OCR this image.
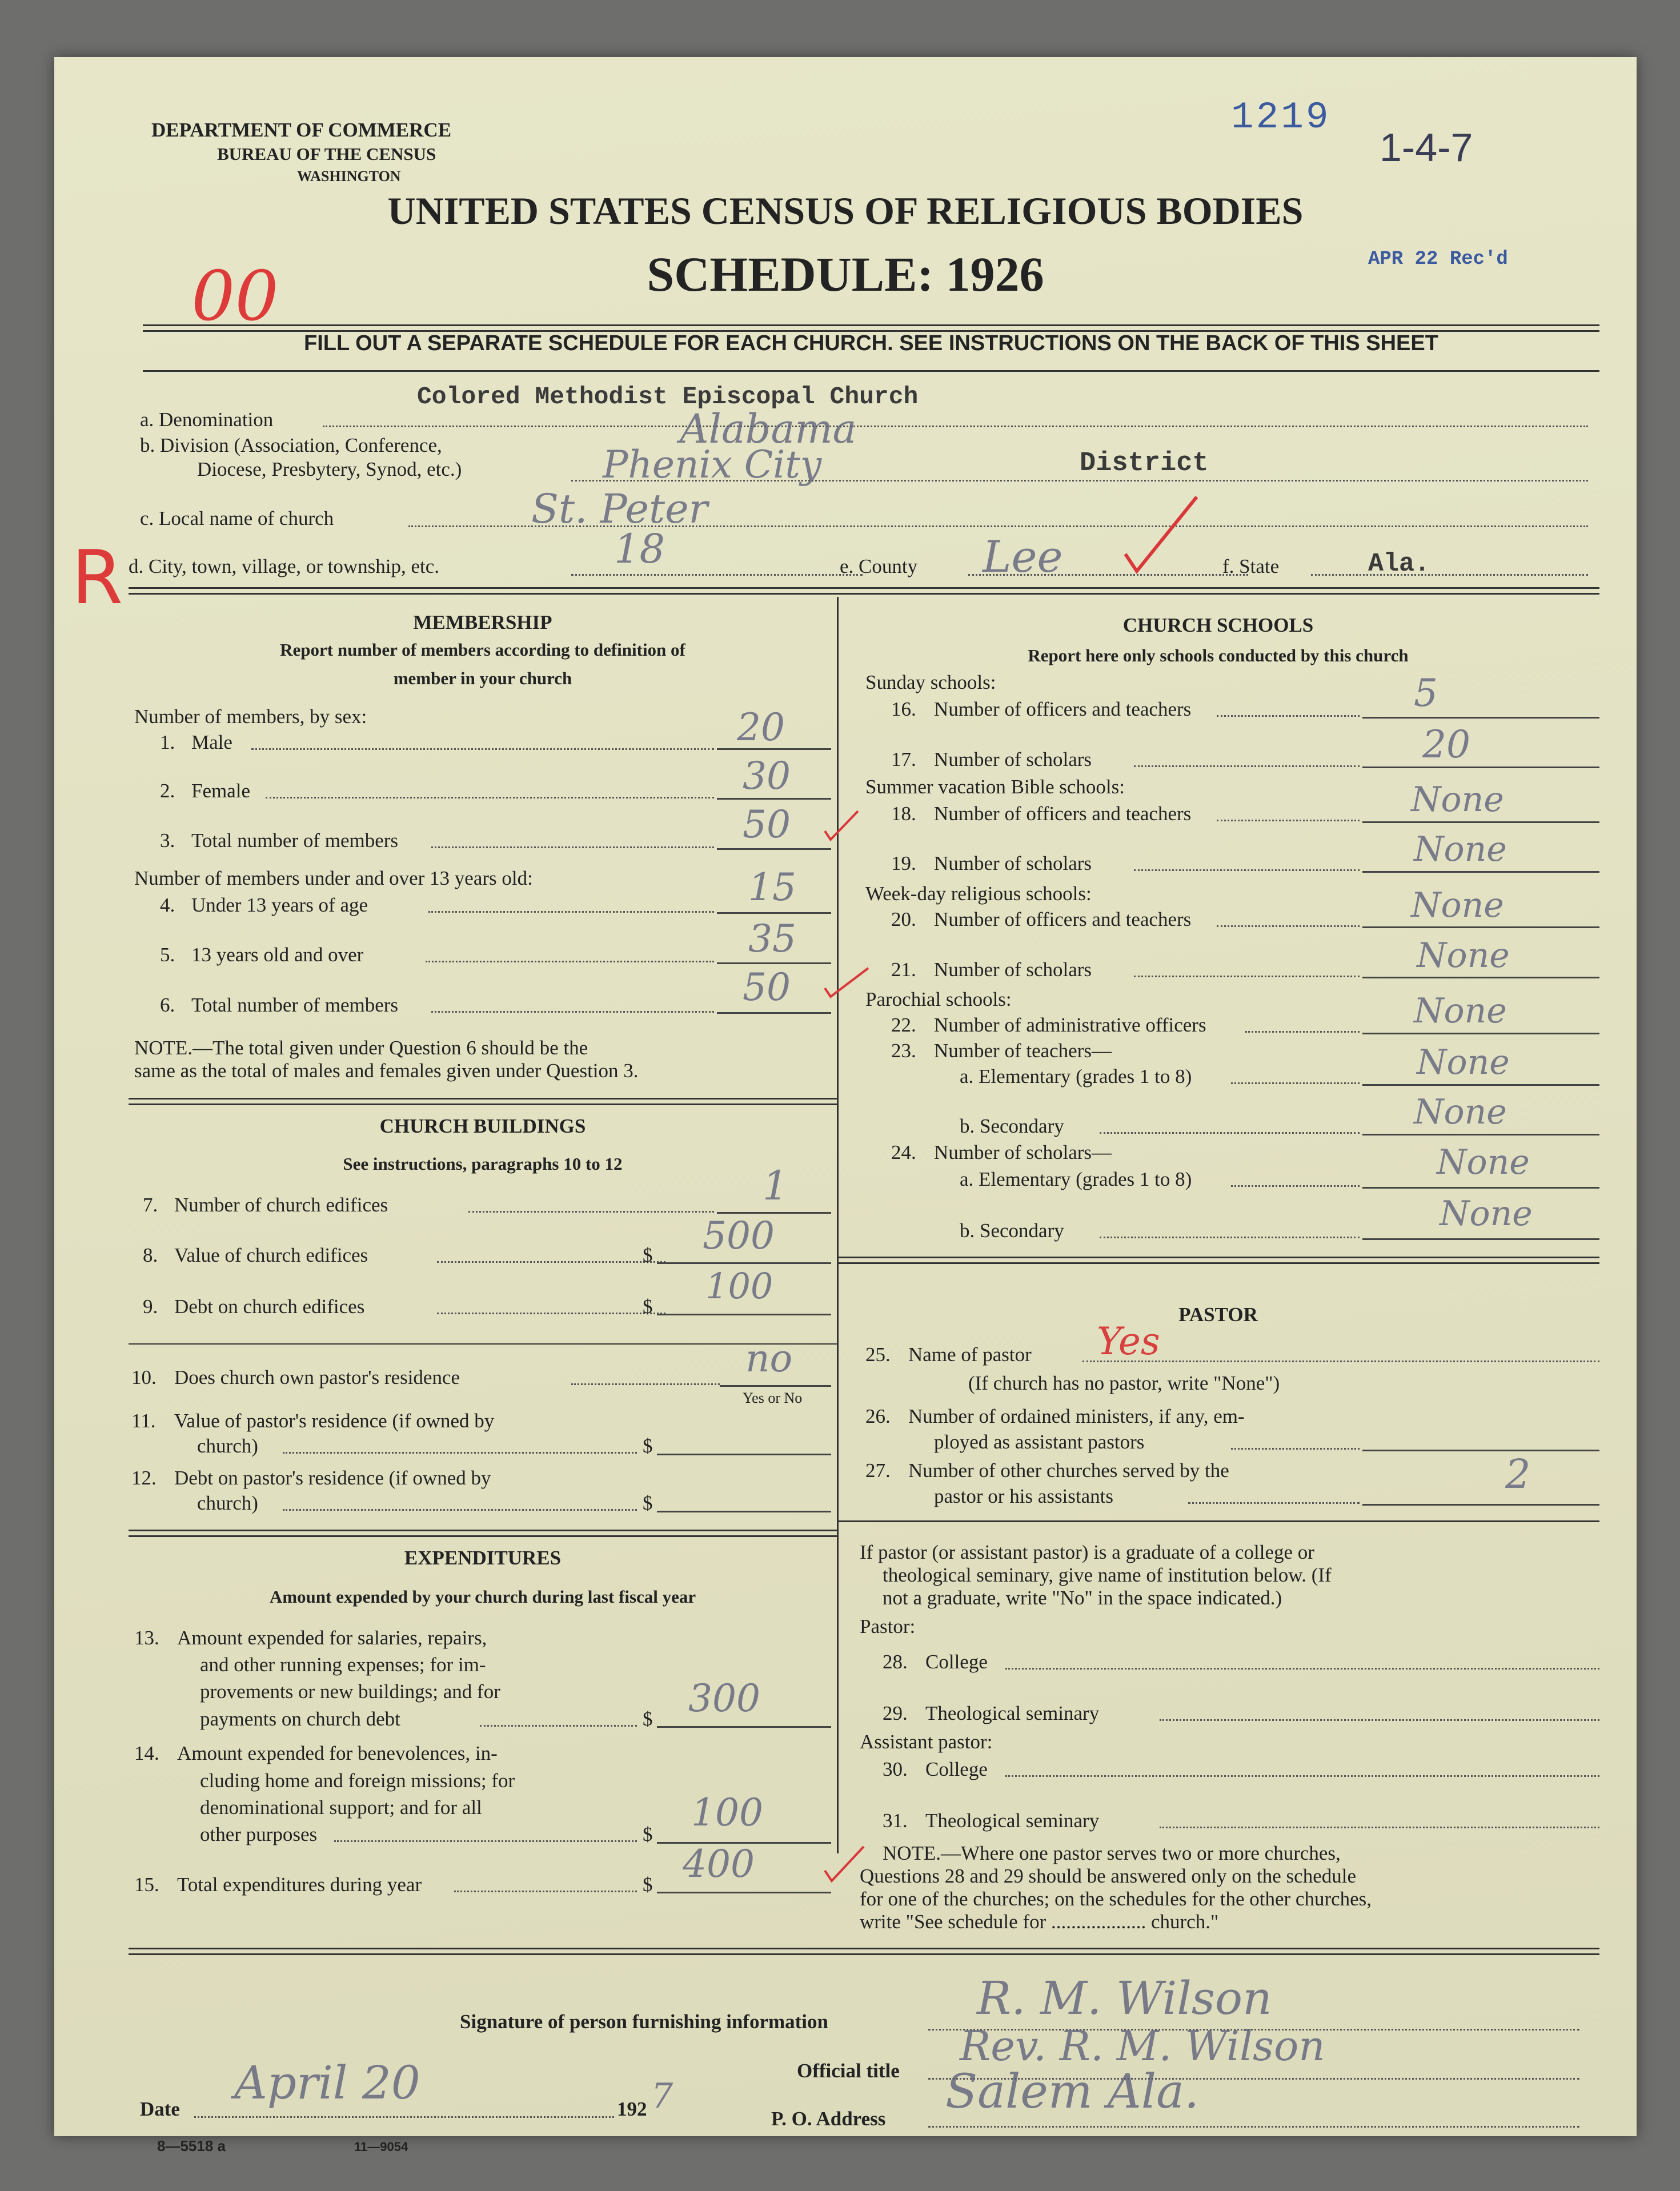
DEPARTMENT OF COMMERCE
BUREAU OF THE CENSUS
WASHINGTON
1219
1-4-7
UNITED STATES CENSUS OF RELIGIOUS BODIES
SCHEDULE: 1926	APR 22 Rec'd
00
FILL OUT A SEPARATE SCHEDULE FOR EACH CHURCH. SEE INSTRUCTIONS ON THE BACK OF THIS SHEET
Colored Methodist Episcopal Church
a. Denomination	Alabama
b. Division (Association, Conference,
Diocese, Presbytery, Synod, etc.)	Phenix City	District
c. Local name of church	St. Peter
R d. City, town, village, or township, etc.	18	e. County Lee	f. State	Ala.
MEMBERSHIP
Report number of members according to definition of
member in your church
Number of members, by sex:
1. Male	20
2. Female	30
3. Total number of members	50
Number of members under and over 13 years old:
4. Under 13 years of age	15
5. 13 years old and over	35
6. Total number of members	50
NOTE.—The total given under Question 6 should be the
same as the total of males and females given under Question 3.
CHURCH BUILDINGS
See instructions, paragraphs 10 to 12
7. Number of church edifices	1
8. Value of church edifices	$ 500
9. Debt on church edifices	$ 100
10. Does church own pastor's residence	no
Yes or No
11. Value of pastor's residence (if owned by
church)	$
12. Debt on pastor's residence (if owned by
church)	$
EXPENDITURES
Amount expended by your church during last fiscal year
13. Amount expended for salaries, repairs,
and other running expenses; for im-
provements or new buildings; and for
payments on church debt	$ 300
14. Amount expended for benevolences, in-
cluding home and foreign missions; for
denominational support; and for all
other purposes	$ 100
15. Total expenditures during year	$ 400
CHURCH SCHOOLS
Report here only schools conducted by this church
Sunday schools:
16. Number of officers and teachers	5
17. Number of scholars	20
Summer vacation Bible schools:
18. Number of officers and teachers	None
19. Number of scholars	None
Week-day religious schools:
20. Number of officers and teachers	None
21. Number of scholars	None
Parochial schools:
22. Number of administrative officers	None
23. Number of teachers—
a. Elementary (grades 1 to 8)	None
b. Secondary	None
24. Number of scholars—
a. Elementary (grades 1 to 8)	None
b. Secondary	None
PASTOR
25. Name of pastor Yes
(If church has no pastor, write "None")
26. Number of ordained ministers, if any, em-
ployed as assistant pastors
27. Number of other churches served by the
pastor or his assistants	2
If pastor (or assistant pastor) is a graduate of a college or
theological seminary, give name of institution below. (If
not a graduate, write "No" in the space indicated.)
Pastor:
28. College
29. Theological seminary
Assistant pastor:
30. College
31. Theological seminary
NOTE.—Where one pastor serves two or more churches,
Questions 28 and 29 should be answered only on the schedule
for one of the churches; on the schedules for the other churches,
write "See schedule for ................... church."
Signature of person furnishing information	R. M. Wilson
Official title
Rev. R. M. Wilson
Date April 20	192 7
P. O. Address Salem Ala.
8—5518 a	11—9054
